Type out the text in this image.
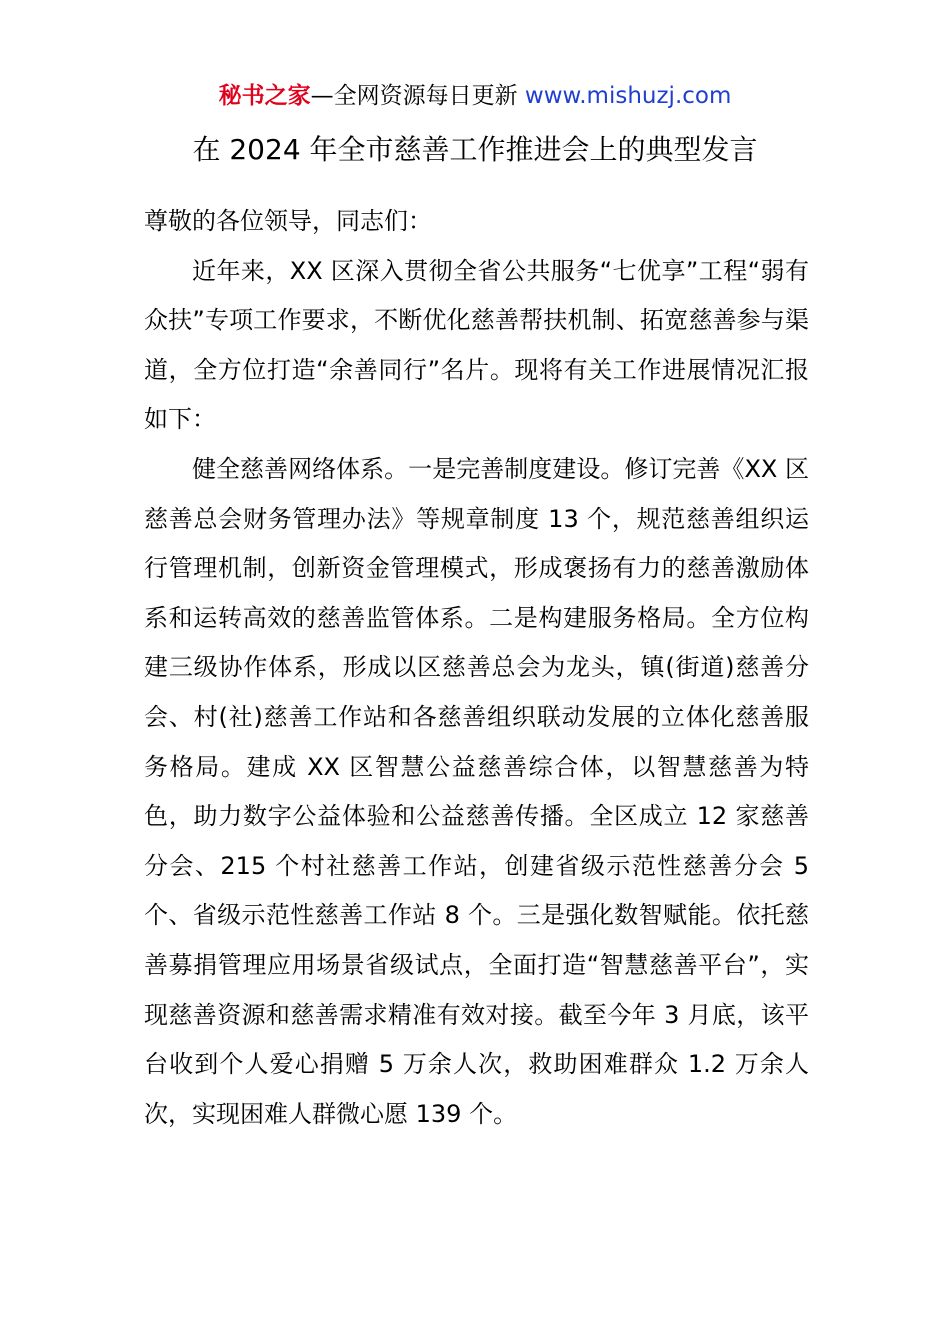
秘书之家—全网资源每日更新 www.mishuzj.com
在 2024 年全市慈善工作推进会上的典型发言

尊敬的各位领导，同志们：

近年来，XX 区深入贯彻全省公共服务“七优享”工程“弱有众扶”专项工作要求，不断优化慈善帮扶机制、拓宽慈善参与渠道，全方位打造“余善同行”名片。现将有关工作进展情况汇报如下：

健全慈善网络体系。一是完善制度建设。修订完善《XX 区慈善总会财务管理办法》等规章制度 13 个，规范慈善组织运行管理机制，创新资金管理模式，形成褒扬有力的慈善激励体系和运转高效的慈善监管体系。二是构建服务格局。全方位构建三级协作体系，形成以区慈善总会为龙头，镇(街道)慈善分会、村(社)慈善工作站和各慈善组织联动发展的立体化慈善服务格局。建成 XX 区智慧公益慈善综合体，以智慧慈善为特色，助力数字公益体验和公益慈善传播。全区成立 12 家慈善分会、215 个村社慈善工作站，创建省级示范性慈善分会 5 个、省级示范性慈善工作站 8 个。三是强化数智赋能。依托慈善募捐管理应用场景省级试点，全面打造“智慧慈善平台”，实现慈善资源和慈善需求精准有效对接。截至今年 3 月底，该平台收到个人爱心捐赠 5 万余人次，救助困难群众 1.2 万余人次，实现困难人群微心愿 139 个。
